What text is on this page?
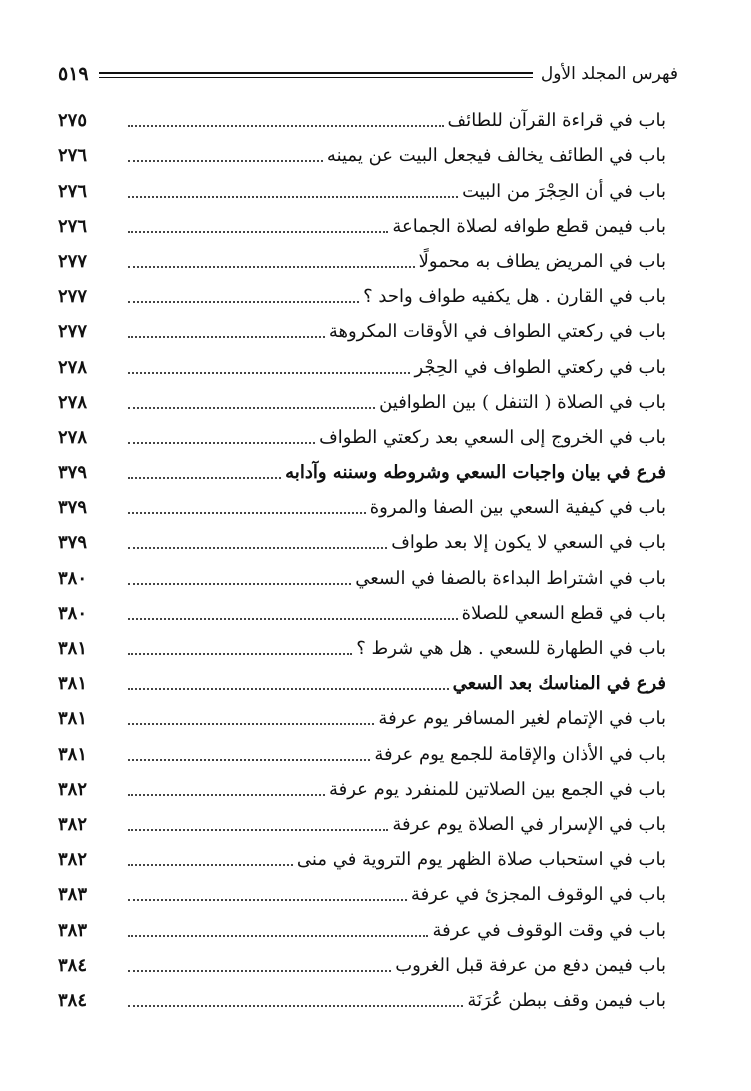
فهرس المجلد الأول
٥١٩
باب في قراءة القرآن للطائف
٢٧٥
باب في الطائف يخالف فيجعل البيت عن يمينه
٢٧٦
باب في أن الحِجْرَ من البيت
٢٧٦
باب فيمن قطع طوافه لصلاة الجماعة
٢٧٦
باب في المريض يطاف به محمولًا
٢٧٧
باب في القارن . هل يكفيه طواف واحد ؟
٢٧٧
باب في ركعتي الطواف في الأوقات المكروهة
٢٧٧
باب في ركعتي الطواف في الحِجْر
٢٧٨
باب في الصلاة ( التنفل ) بين الطوافين
٢٧٨
باب في الخروج إلى السعي بعد ركعتي الطواف
٢٧٨
فرع في بيان واجبات السعي وشروطه وسننه وآدابه
٣٧٩
باب في كيفية السعي بين الصفا والمروة
٣٧٩
باب في السعي لا يكون إلا بعد طواف
٣٧٩
باب في اشتراط البداءة بالصفا في السعي
٣٨٠
باب في قطع السعي للصلاة
٣٨٠
باب في الطهارة للسعي . هل هي شرط ؟
٣٨١
فرع في المناسك بعد السعي
٣٨١
باب في الإتمام لغير المسافر يوم عرفة
٣٨١
باب في الأذان والإقامة للجمع يوم عرفة
٣٨١
باب في الجمع بين الصلاتين للمنفرد يوم عرفة
٣٨٢
باب في الإسرار في الصلاة يوم عرفة
٣٨٢
باب في استحباب صلاة الظهر يوم التروية في منى
٣٨٢
باب في الوقوف المجزئ في عرفة
٣٨٣
باب في وقت الوقوف في عرفة
٣٨٣
باب فيمن دفع من عرفة قبل الغروب
٣٨٤
باب فيمن وقف ببطن عُرَنَة
٣٨٤
